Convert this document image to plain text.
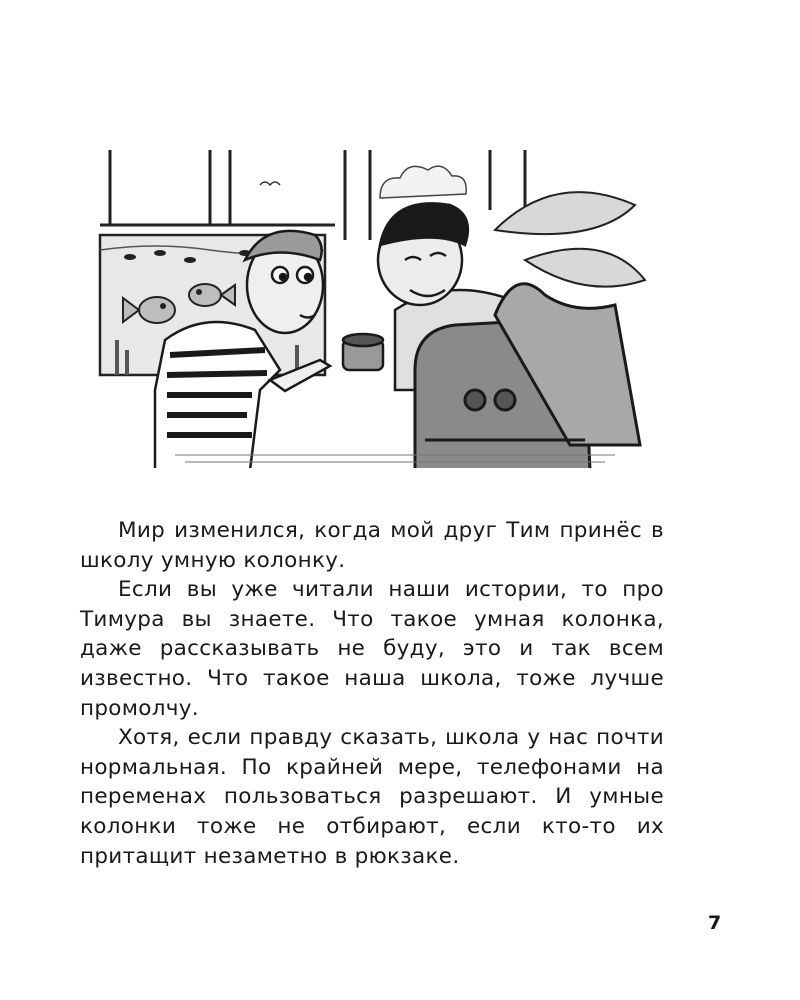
Мир изменился, когда мой друг Тим принёс в школу умную колонку.

Если вы уже читали наши истории, то про Тимура вы знаете. Что такое умная колонка, даже рассказывать не буду, это и так всем известно. Что такое наша школа, тоже лучше промолчу.

Хотя, если правду сказать, школа у нас почти нормальная. По крайней мере, телефонами на переменах пользоваться разрешают. И умные колонки тоже не отбирают, если кто-то их притащит незаметно в рюкзаке.

7
